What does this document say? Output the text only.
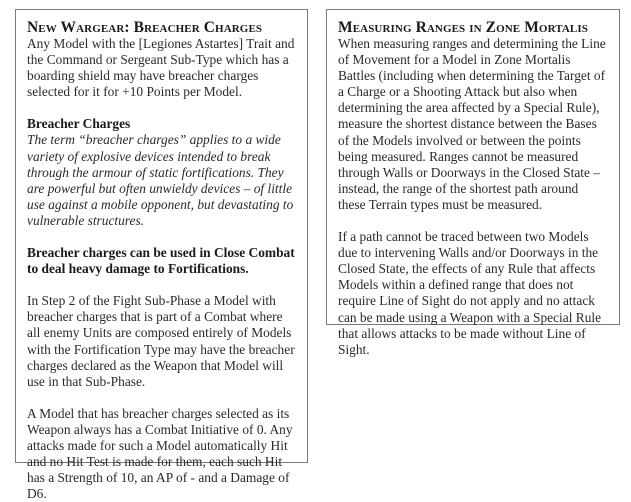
New Wargear: Breacher Charges

Any Model with the [Legiones Astartes] Trait and the Command or Sergeant Sub-Type which has a boarding shield may have breacher charges selected for it for +10 Points per Model.

Breacher Charges

The term “breacher charges” applies to a wide variety of explosive devices intended to break through the armour of static fortifications. They are powerful but often unwieldy devices – of little use against a mobile opponent, but devastating to vulnerable structures.

Breacher charges can be used in Close Combat to deal heavy damage to Fortifications.

In Step 2 of the Fight Sub-Phase a Model with breacher charges that is part of a Combat where all enemy Units are composed entirely of Models with the Fortification Type may have the breacher charges declared as the Weapon that Model will use in that Sub-Phase.

A Model that has breacher charges selected as its Weapon always has a Combat Initiative of 0. Any attacks made for such a Model automatically Hit and no Hit Test is made for them, each such Hit has a Strength of 10, an AP of - and a Damage of D6.

Measuring Ranges in Zone Mortalis

When measuring ranges and determining the Line of Movement for a Model in Zone Mortalis Battles (including when determining the Target of a Charge or a Shooting Attack but also when determining the area affected by a Special Rule), measure the shortest distance between the Bases of the Models involved or between the points being measured. Ranges cannot be measured through Walls or Doorways in the Closed State – instead, the range of the shortest path around these Terrain types must be measured.

If a path cannot be traced between two Models due to intervening Walls and/or Doorways in the Closed State, the effects of any Rule that affects Models within a defined range that does not require Line of Sight do not apply and no attack can be made using a Weapon with a Special Rule that allows attacks to be made without Line of Sight.
